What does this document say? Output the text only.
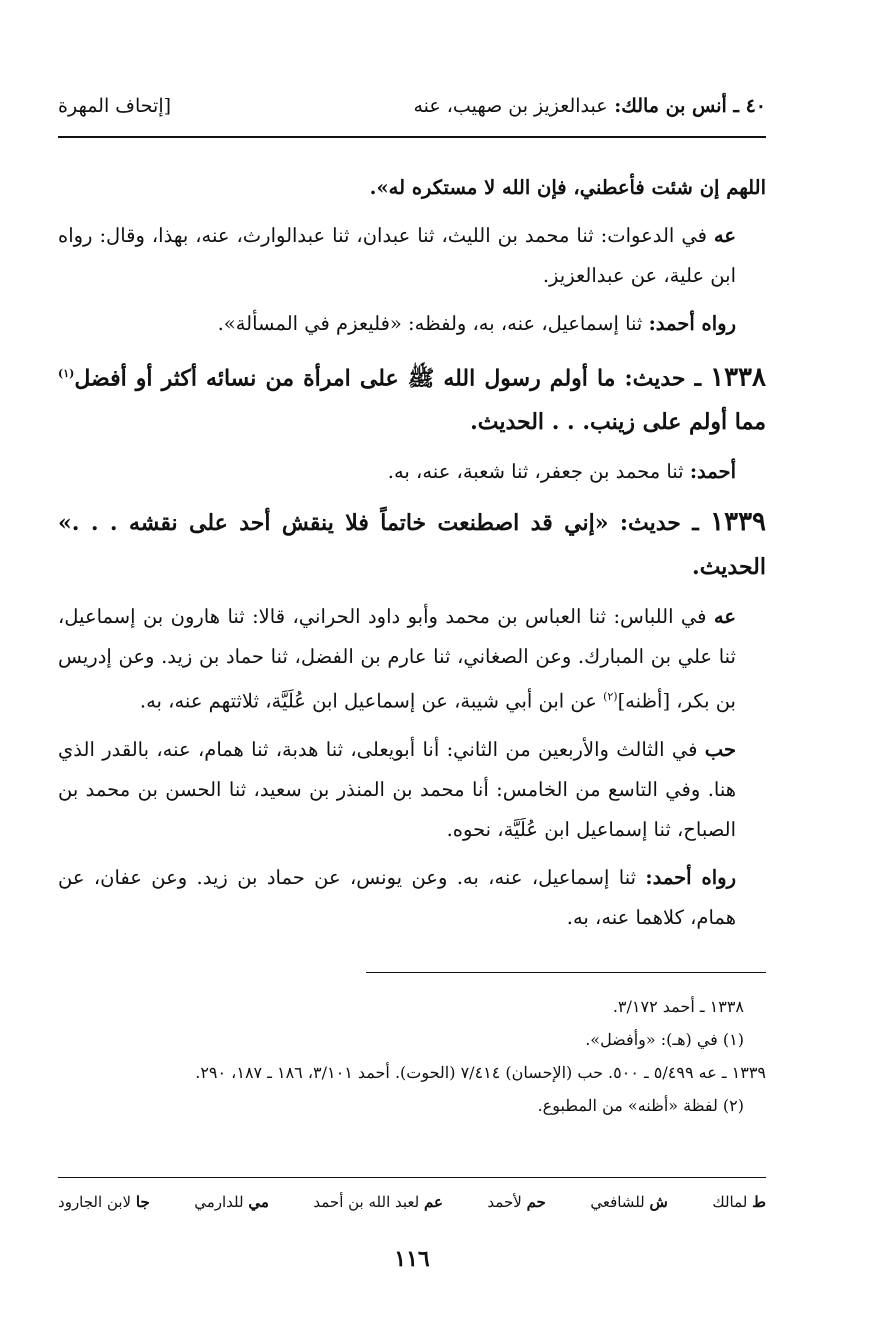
٤٠ ـ أنس بن مالك: عبدالعزيز بن صهيب، عنه
[إتحاف المهرة

اللهم إن شئت فأعطني، فإن الله لا مستكره له».

عه في الدعوات: ثنا محمد بن الليث، ثنا عبدان، ثنا عبدالوارث، عنه، بهذا، وقال: رواه ابن علية، عن عبدالعزيز.

رواه أحمد: ثنا إسماعيل، عنه، به، ولفظه: «فليعزم في المسألة».

١٣٣٨ ـ حديث: ما أولم رسول الله ﷺ على امرأة من نسائه أكثر أو أفضل$^{(١)}$ مما أولم على زينب. . . الحديث.

أحمد: ثنا محمد بن جعفر، ثنا شعبة، عنه، به.

١٣٣٩ ـ حديث: «إني قد اصطنعت خاتماً فلا ينقش أحد على نقشه . . .» الحديث.

عه في اللباس: ثنا العباس بن محمد وأبو داود الحراني، قالا: ثنا هارون بن إسماعيل، ثنا علي بن المبارك. وعن الصغاني، ثنا عارم بن الفضل، ثنا حماد بن زيد. وعن إدريس بن بكر، [أظنه]$^{(٢)}$ عن ابن أبي شيبة، عن إسماعيل ابن عُلَيَّة، ثلاثتهم عنه، به.

حب في الثالث والأربعين من الثاني: أنا أبويعلى، ثنا هدبة، ثنا همام، عنه، بالقدر الذي هنا. وفي التاسع من الخامس: أنا محمد بن المنذر بن سعيد، ثنا الحسن بن محمد بن الصباح، ثنا إسماعيل ابن عُلَيَّة، نحوه.

رواه أحمد: ثنا إسماعيل، عنه، به. وعن يونس، عن حماد بن زيد. وعن عفان، عن همام، كلاهما عنه، به.

١٣٣٨ ـ أحمد ٣/١٧٢.
(١) في (هـ): «وأفضل».
١٣٣٩ ـ عه ٥/٤٩٩ ـ ٥٠٠. حب (الإحسان) ٧/٤١٤ (الحوت). أحمد ٣/١٠١، ١٨٦ ـ ١٨٧، ٢٩٠.
(٢) لفظة «أظنه» من المطبوع.
ط لمالك
ش للشافعي
حم لأحمد
عم لعبد الله بن أحمد
مي للدارمي
جا لابن الجارود
١١٦
